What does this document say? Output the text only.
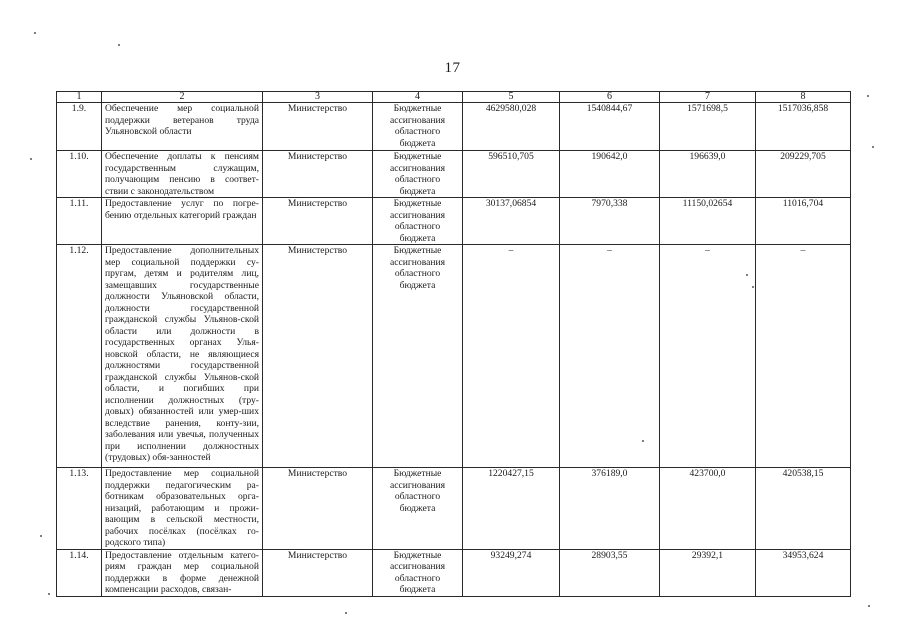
17
1	2	3	4	5	6	7	8
1.9.	Обеспечение мер социальной поддержки ветеранов труда Ульяновской области	Министерство	Бюджетные ассигнования областного бюджета	4629580,028	1540844,67	1571698,5	1517036,858
1.10.	Обеспечение доплаты к пенсиям государственным служащим, получающим пенсию в соответ-ствии с законодательством	Министерство	Бюджетные ассигнования областного бюджета	596510,705	190642,0	196639,0	209229,705
1.11.	Предоставление услуг по погре-бению отдельных категорий граждан	Министерство	Бюджетные ассигнования областного бюджета	30137,06854	7970,338	11150,02654	11016,704
1.12.	Предоставление дополнительных мер социальной поддержки су-пругам, детям и родителям лиц, замещавших государственные должности Ульяновской области, должности государственной гражданской службы Ульянов-ской области или должности в государственных органах Улья-новской области, не являющиеся должностями государственной гражданской службы Ульянов-ской области, и погибших при исполнении должностных (тру-довых) обязанностей или умер-ших вследствие ранения, конту-зии, заболевания или увечья, полученных при исполнении должностных (трудовых) обя-занностей	Министерство	Бюджетные ассигнования областного бюджета	–	–	–	–
1.13.	Предоставление мер социальной поддержки педагогическим ра-ботникам образовательных орга-низаций, работающим и прожи-вающим в сельской местности, рабочих посёлках (посёлках го-родского типа)	Министерство	Бюджетные ассигнования областного бюджета	1220427,15	376189,0	423700,0	420538,15
1.14.	Предоставление отдельным катего-риям граждан мер социальной поддержки в форме денежной компенсации расходов, связан-	Министерство	Бюджетные ассигнования областного бюджета	93249,274	28903,55	29392,1	34953,624
